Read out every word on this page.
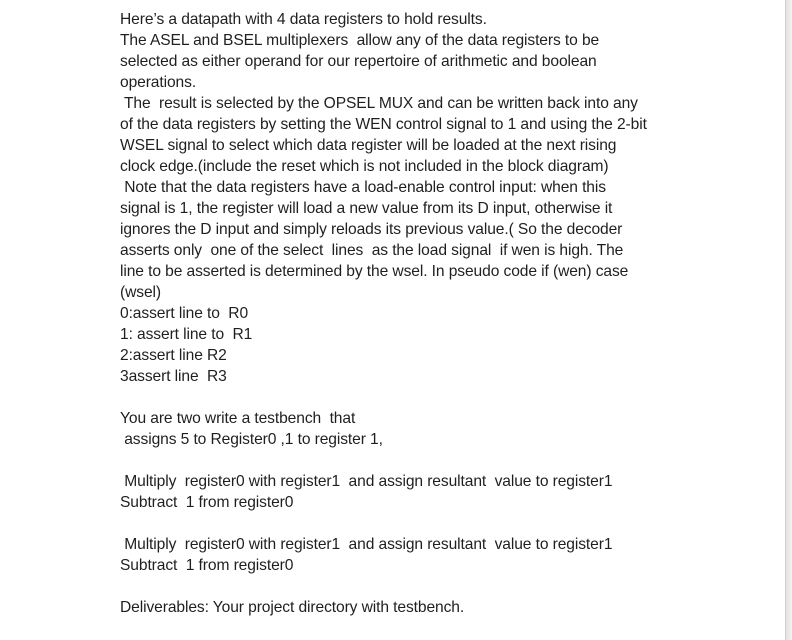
Here’s a datapath with 4 data registers to hold results.
The ASEL and BSEL multiplexers  allow any of the data registers to be
selected as either operand for our repertoire of arithmetic and boolean
operations.
The  result is selected by the OPSEL MUX and can be written back into any
of the data registers by setting the WEN control signal to 1 and using the 2-bit
WSEL signal to select which data register will be loaded at the next rising
clock edge.(include the reset which is not included in the block diagram)
Note that the data registers have a load-enable control input: when this
signal is 1, the register will load a new value from its D input, otherwise it
ignores the D input and simply reloads its previous value.( So the decoder
asserts only  one of the select  lines  as the load signal  if wen is high. The
line to be asserted is determined by the wsel. In pseudo code if (wen) case
(wsel)
0:assert line to  R0
1: assert line to  R1
2:assert line R2
3assert line  R3
You are two write a testbench  that
assigns 5 to Register0 ,1 to register 1,
Multiply  register0 with register1  and assign resultant  value to register1
Subtract  1 from register0
Multiply  register0 with register1  and assign resultant  value to register1
Subtract  1 from register0
Deliverables: Your project directory with testbench.
